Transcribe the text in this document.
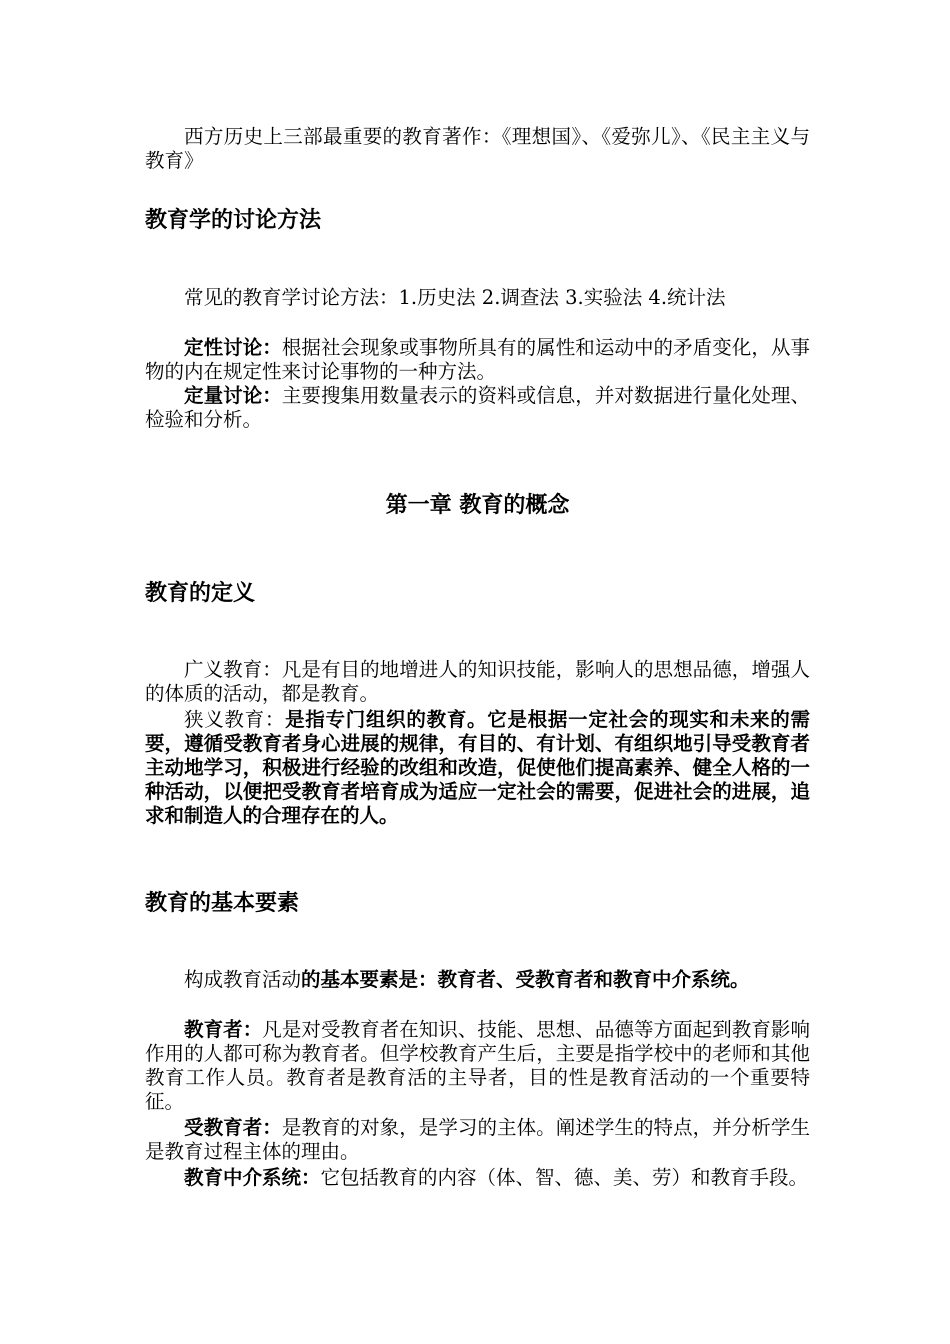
西方历史上三部最重要的教育著作：《理想国》、《爱弥儿》、《民主主义与教育》

教育学的讨论方法

常见的教育学讨论方法：1.历史法 2.调查法 3.实验法 4.统计法

定性讨论：根据社会现象或事物所具有的属性和运动中的矛盾变化，从事物的内在规定性来讨论事物的一种方法。

定量讨论：主要搜集用数量表示的资料或信息，并对数据进行量化处理、检验和分析。

第一章 教育的概念
教育的定义

广义教育：凡是有目的地增进人的知识技能，影响人的思想品德，增强人的体质的活动，都是教育。

狭义教育：是指专门组织的教育。它是根据一定社会的现实和未来的需要，遵循受教育者身心进展的规律，有目的、有计划、有组织地引导受教育者主动地学习，积极进行经验的改组和改造，促使他们提高素养、健全人格的一种活动，以便把受教育者培育成为适应一定社会的需要，促进社会的进展，追求和制造人的合理存在的人。

教育的基本要素

构成教育活动的基本要素是：教育者、受教育者和教育中介系统。

教育者：凡是对受教育者在知识、技能、思想、品德等方面起到教育影响作用的人都可称为教育者。但学校教育产生后，主要是指学校中的老师和其他教育工作人员。教育者是教育活的主导者，目的性是教育活动的一个重要特征。

受教育者：是教育的对象，是学习的主体。阐述学生的特点，并分析学生是教育过程主体的理由。

教育中介系统：它包括教育的内容（体、智、德、美、劳）和教育手段。
